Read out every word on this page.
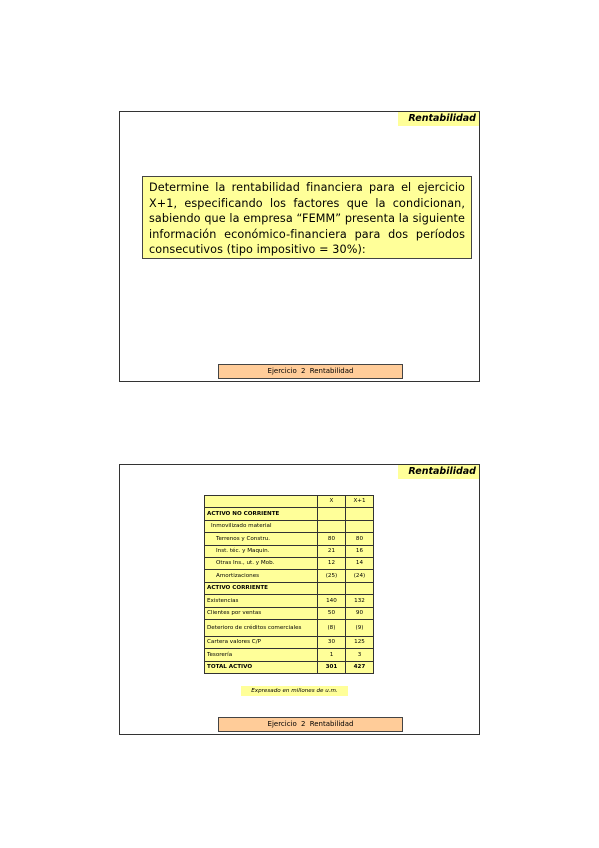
Rentabilidad
Determine la rentabilidad financiera para el ejercicio X+1, especificando los factores que la condicionan, sabiendo que la empresa “FEMM” presenta la siguiente información económico-financiera para dos períodos consecutivos (tipo impositivo = 30%):
Ejercicio 2 Rentabilidad
Rentabilidad
	X	X+1
ACTIVO NO CORRIENTE		
Inmovilizado material		
Terrenos y Constru.	80	80
Inst. téc. y Maquin.	21	16
Otras Ins., ut. y Mob.	12	14
Amortizaciones	(25)	(24)
ACTIVO CORRIENTE		
Existencias	140	132
Clientes por ventas	50	90
Deterioro de créditos comerciales	(8)	(9)
Cartera valores C/P	30	125
Tesorería	1	3
TOTAL ACTIVO	301	427
Expresado en millones de u.m.
Ejercicio 2 Rentabilidad
